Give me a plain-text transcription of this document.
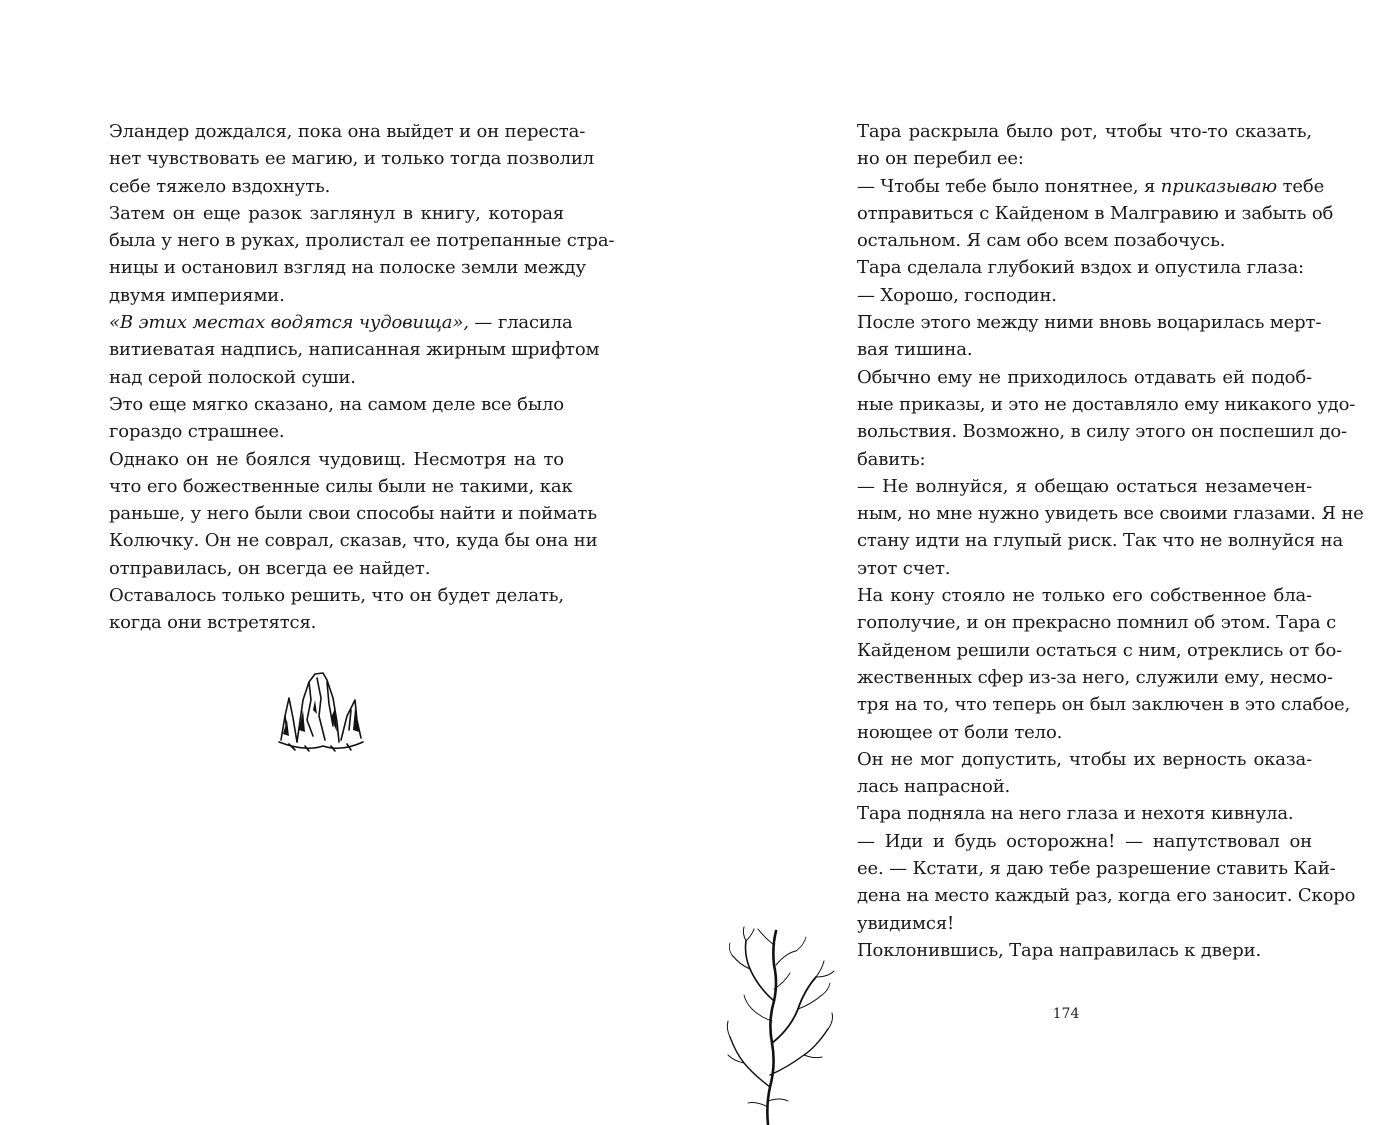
Эландер дождался, пока она выйдет и он переста-
нет чувствовать ее магию, и только тогда позволил
себе тяжело вздохнуть.

Затем он еще разок заглянул в книгу, которая
была у него в руках, пролистал ее потрепанные стра-
ницы и остановил взгляд на полоске земли между
двумя империями.

«В этих местах водятся чудовища», — гласила
витиеватая надпись, написанная жирным шрифтом
над серой полоской суши.

Это еще мягко сказано, на самом деле все было
гораздо страшнее.

Однако он не боялся чудовищ. Несмотря на то
что его божественные силы были не такими, как
раньше, у него были свои способы найти и поймать
Колючку. Он не соврал, сказав, что, куда бы она ни
отправилась, он всегда ее найдет.

Оставалось только решить, что он будет делать,
когда они встретятся.

Тара раскрыла было рот, чтобы что-то сказать,
но он перебил ее:

— Чтобы тебе было понятнее, я приказываю тебе
отправиться с Кайденом в Малгравию и забыть об
остальном. Я сам обо всем позабочусь.

Тара сделала глубокий вздох и опустила глаза:

— Хорошо, господин.

После этого между ними вновь воцарилась мерт-
вая тишина.

Обычно ему не приходилось отдавать ей подоб-
ные приказы, и это не доставляло ему никакого удо-
вольствия. Возможно, в силу этого он поспешил до-
бавить:

— Не волнуйся, я обещаю остаться незамечен-
ным, но мне нужно увидеть все своими глазами. Я не
стану идти на глупый риск. Так что не волнуйся на
этот счет.

На кону стояло не только его собственное бла-
гополучие, и он прекрасно помнил об этом. Тара с
Кайденом решили остаться с ним, отреклись от бо-
жественных сфер из-за него, служили ему, несмо-
тря на то, что теперь он был заключен в это слабое,
ноющее от боли тело.

Он не мог допустить, чтобы их верность оказа-
лась напрасной.

Тара подняла на него глаза и нехотя кивнула.

— Иди и будь осторожна! — напутствовал он
ее. — Кстати, я даю тебе разрешение ставить Кай-
дена на место каждый раз, когда его заносит. Скоро
увидимся!

Поклонившись, Тара направилась к двери.

174
